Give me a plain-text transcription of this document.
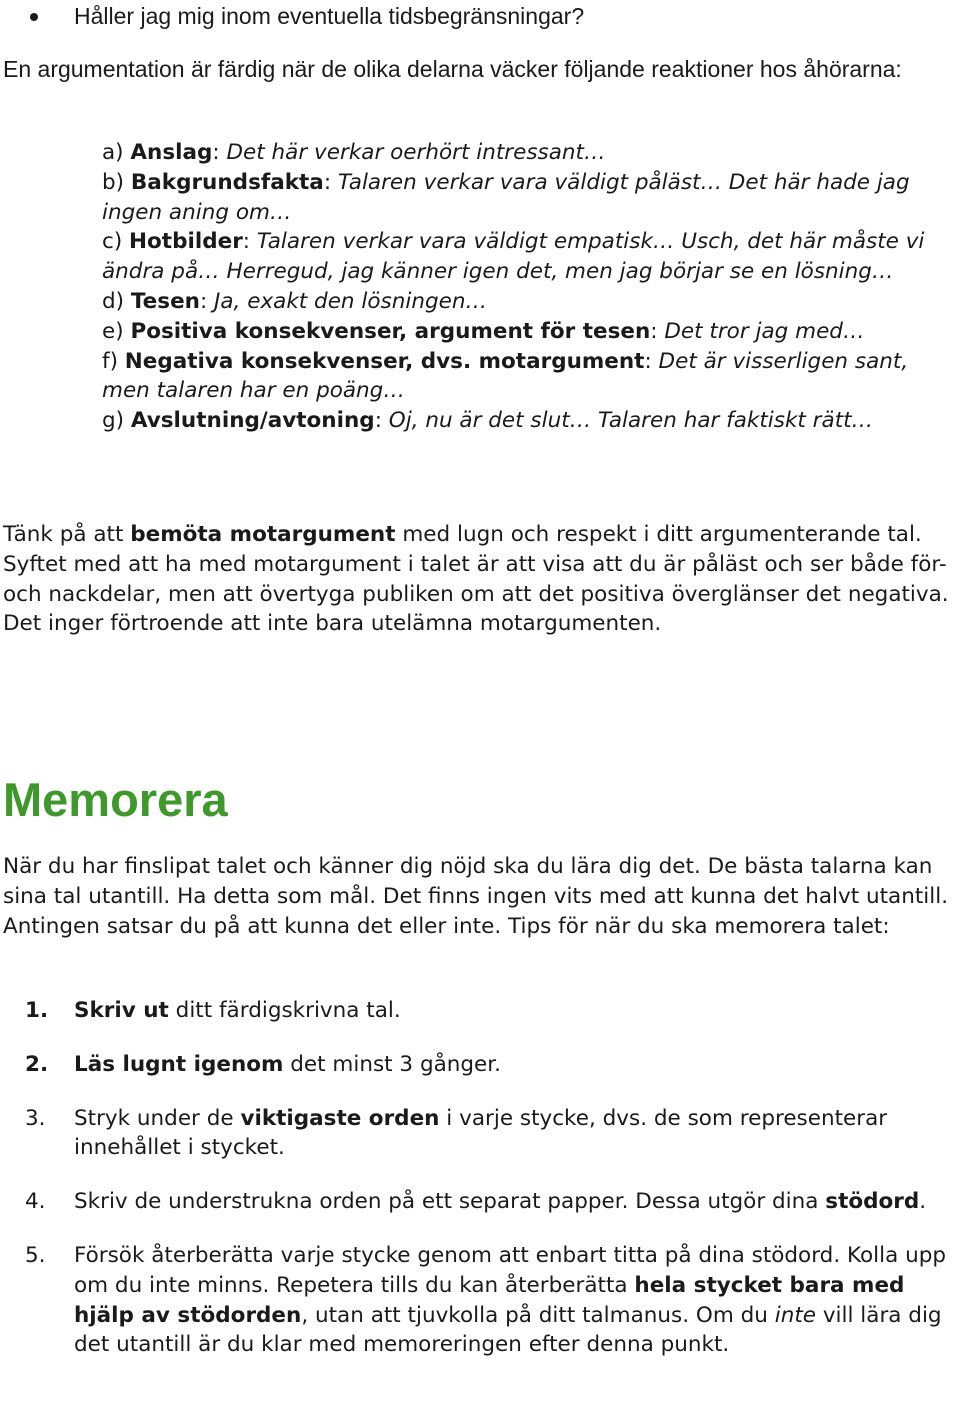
Håller jag mig inom eventuella tidsbegränsningar?
En argumentation är färdig när de olika delarna väcker följande reaktioner hos åhörarna:

a) Anslag: Det här verkar oerhört intressant…

b) Bakgrundsfakta: Talaren verkar vara väldigt påläst… Det här hade jag ingen aning om…

c) Hotbilder: Talaren verkar vara väldigt empatisk… Usch, det här måste vi ändra på… Herregud, jag känner igen det, men jag börjar se en lösning…

d) Tesen: Ja, exakt den lösningen…

e) Positiva konsekvenser, argument för tesen: Det tror jag med…

f) Negativa konsekvenser, dvs. motargument: Det är visserligen sant, men talaren har en poäng…

g) Avslutning/avtoning: Oj, nu är det slut… Talaren har faktiskt rätt…

Tänk på att bemöta motargument med lugn och respekt i ditt argumenterande tal. Syftet med att ha med motargument i talet är att visa att du är påläst och ser både för- och nackdelar, men att övertyga publiken om att det positiva överglänser det negativa. Det inger förtroende att inte bara utelämna motargumenten.
Memorera
När du har finslipat talet och känner dig nöjd ska du lära dig det. De bästa talarna kan sina tal utantill. Ha detta som mål. Det finns ingen vits med att kunna det halvt utantill. Antingen satsar du på att kunna det eller inte. Tips för när du ska memorera talet:
1. Skriv ut ditt färdigskrivna tal.
2. Läs lugnt igenom det minst 3 gånger.
3. Stryk under de viktigaste orden i varje stycke, dvs. de som representerar innehållet i stycket.
4. Skriv de understrukna orden på ett separat papper. Dessa utgör dina stödord.
5. Försök återberätta varje stycke genom att enbart titta på dina stödord. Kolla upp om du inte minns. Repetera tills du kan återberätta hela stycket bara med hjälp av stödorden, utan att tjuvkolla på ditt talmanus. Om du inte vill lära dig det utantill är du klar med memoreringen efter denna punkt.
